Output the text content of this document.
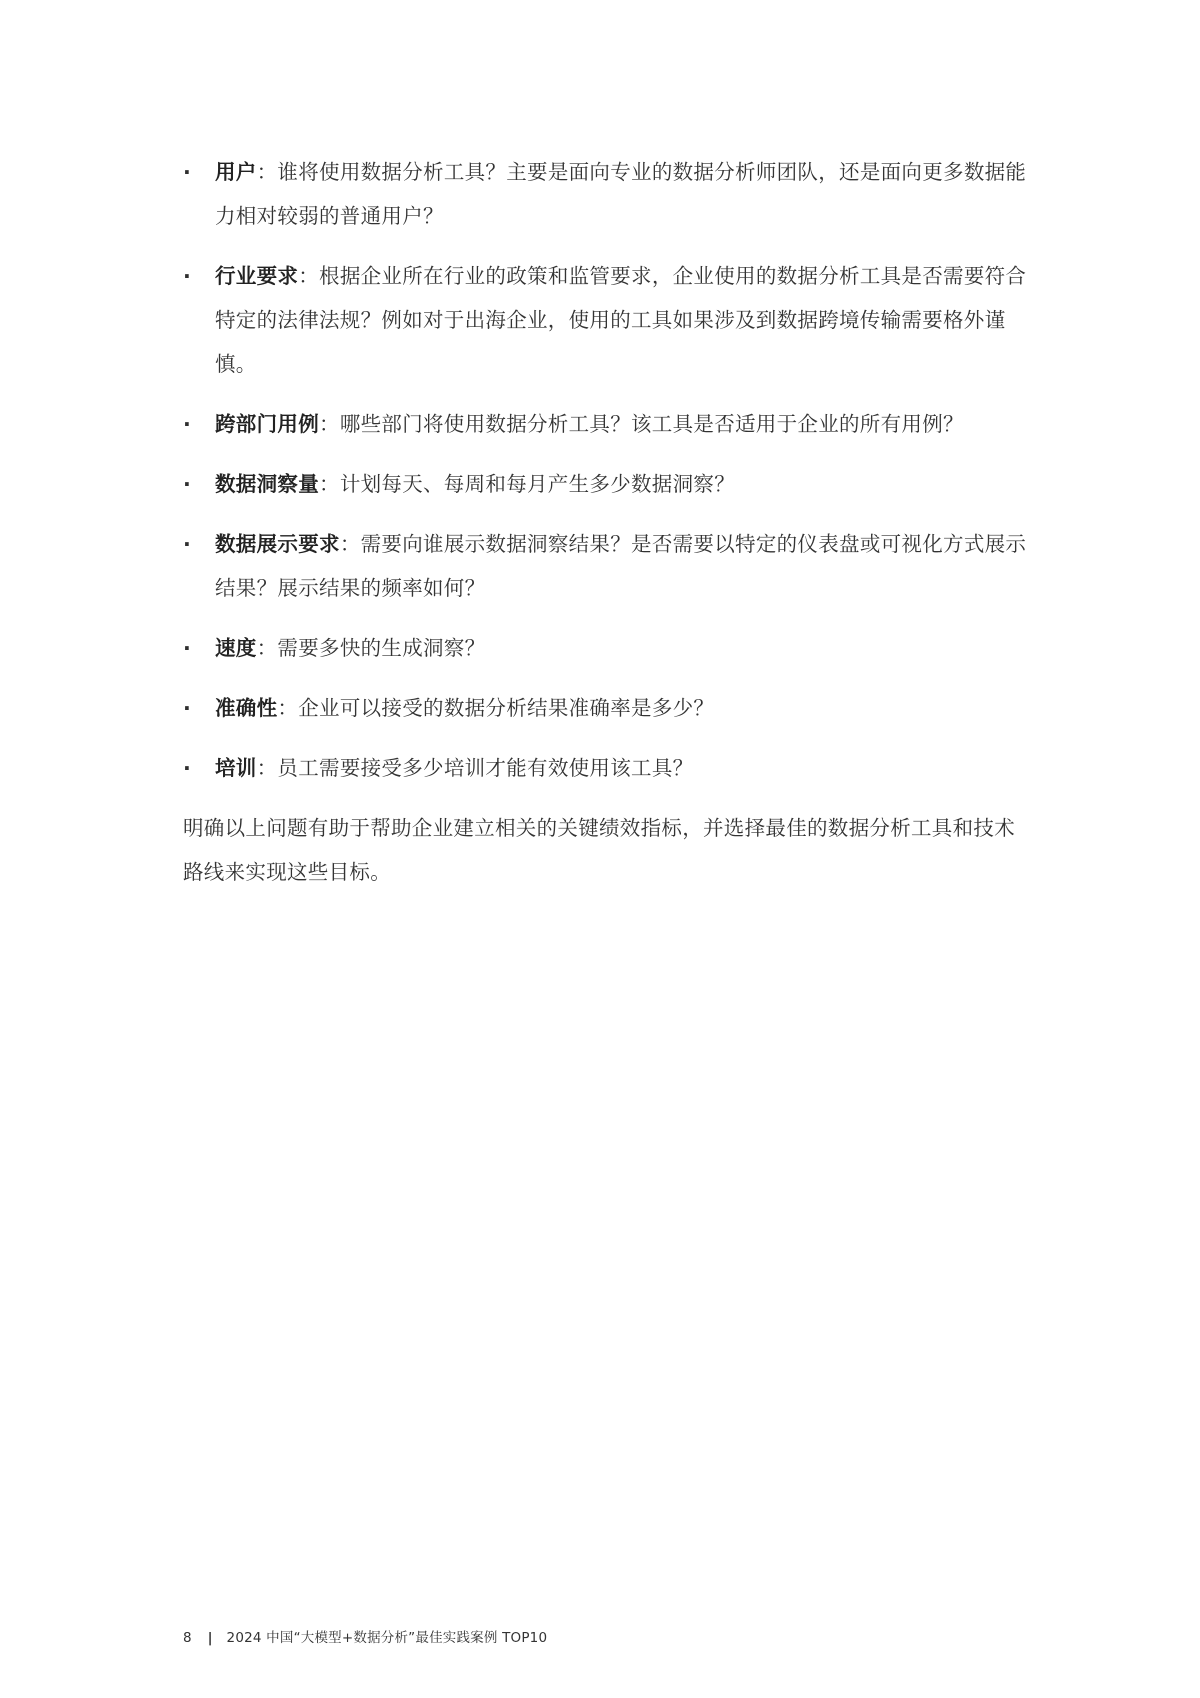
·	用户：谁将使用数据分析工具？主要是面向专业的数据分析师团队，还是面向更多数据能力相对较弱的普通用户？
·	行业要求：根据企业所在行业的政策和监管要求，企业使用的数据分析工具是否需要符合特定的法律法规？例如对于出海企业，使用的工具如果涉及到数据跨境传输需要格外谨慎。
·	跨部门用例：哪些部门将使用数据分析工具？该工具是否适用于企业的所有用例？
·	数据洞察量：计划每天、每周和每月产生多少数据洞察？
·	数据展示要求：需要向谁展示数据洞察结果？是否需要以特定的仪表盘或可视化方式展示结果？展示结果的频率如何？
·	速度：需要多快的生成洞察？
·	准确性：企业可以接受的数据分析结果准确率是多少？
·	培训：员工需要接受多少培训才能有效使用该工具？

明确以上问题有助于帮助企业建立相关的关键绩效指标，并选择最佳的数据分析工具和技术路线来实现这些目标。

8 | 2024 中国“大模型+数据分析”最佳实践案例 TOP10
